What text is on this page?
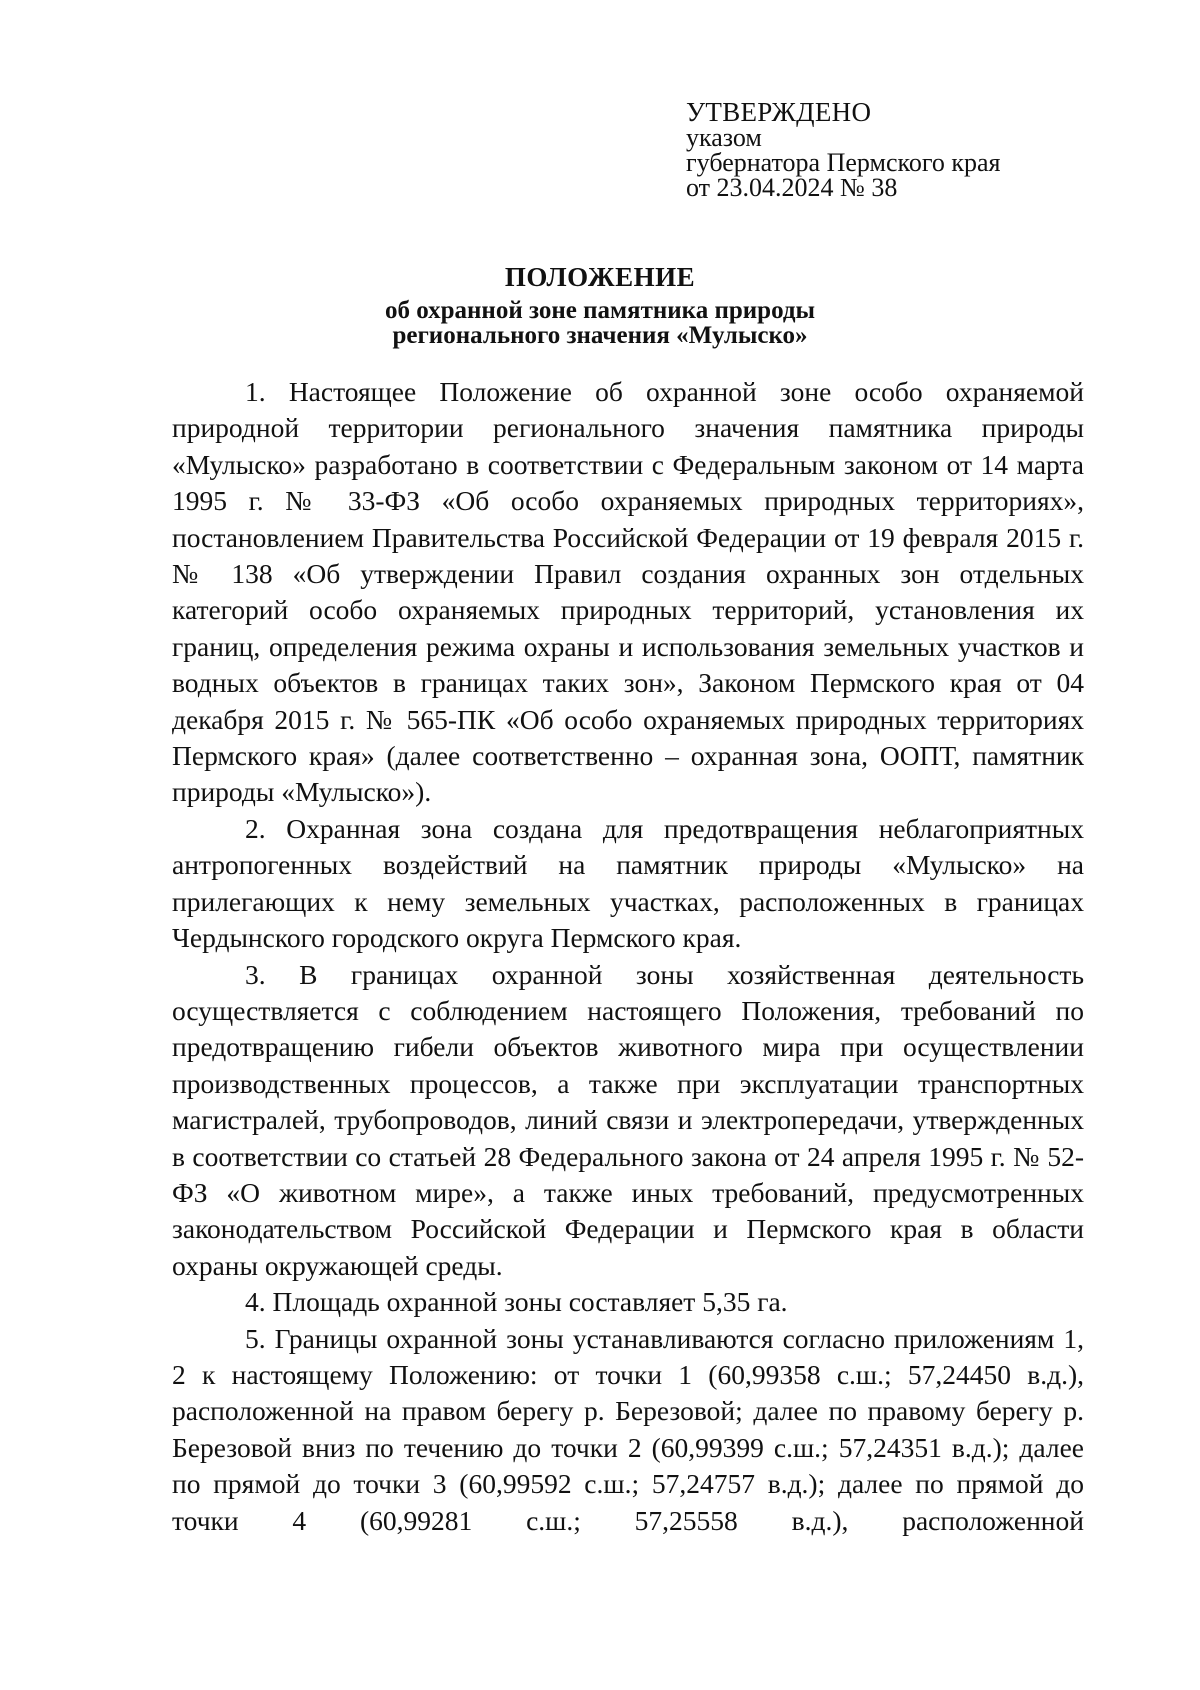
УТВЕРЖДЕНО
указом
губернатора Пермского края
от 23.04.2024 № 38
ПОЛОЖЕНИЕ
об охранной зоне памятника природы
регионального значения «Мулыско»

1. Настоящее Положение об охранной зоне особо охраняемой природной территории регионального значения памятника природы «Мулыско» разработано в соответствии с Федеральным законом от 14 марта 1995 г. № 33-ФЗ «Об особо охраняемых природных территориях», постановлением Правительства Российской Федерации от 19 февраля 2015 г. № 138 «Об утверждении Правил создания охранных зон отдельных категорий особо охраняемых природных территорий, установления их границ, определения режима охраны и использования земельных участков и водных объектов в границах таких зон», Законом Пермского края от 04 декабря 2015 г. № 565-ПК «Об особо охраняемых природных территориях Пермского края» (далее соответственно – охранная зона, ООПТ, памятник природы «Мулыско»).

2. Охранная зона создана для предотвращения неблагоприятных антропогенных воздействий на памятник природы «Мулыско» на прилегающих к нему земельных участках, расположенных в границах Чердынского городского округа Пермского края.

3. В границах охранной зоны хозяйственная деятельность осуществляется с соблюдением настоящего Положения, требований по предотвращению гибели объектов животного мира при осуществлении производственных процессов, а также при эксплуатации транспортных магистралей, трубопроводов, линий связи и электропередачи, утвержденных в соответствии со статьей 28 Федерального закона от 24 апреля 1995 г. № 52-ФЗ «О животном мире», а также иных требований, предусмотренных законодательством Российской Федерации и Пермского края в области охраны окружающей среды.

4. Площадь охранной зоны составляет 5,35 га.

5. Границы охранной зоны устанавливаются согласно приложениям 1, 2 к настоящему Положению: от точки 1 (60,99358 с.ш.; 57,24450 в.д.), расположенной на правом берегу р. Березовой; далее по правому берегу р. Березовой вниз по течению до точки 2 (60,99399 с.ш.; 57,24351 в.д.); далее по прямой до точки 3 (60,99592 с.ш.; 57,24757 в.д.); далее по прямой до точки 4 (60,99281 с.ш.; 57,25558 в.д.), расположенной
